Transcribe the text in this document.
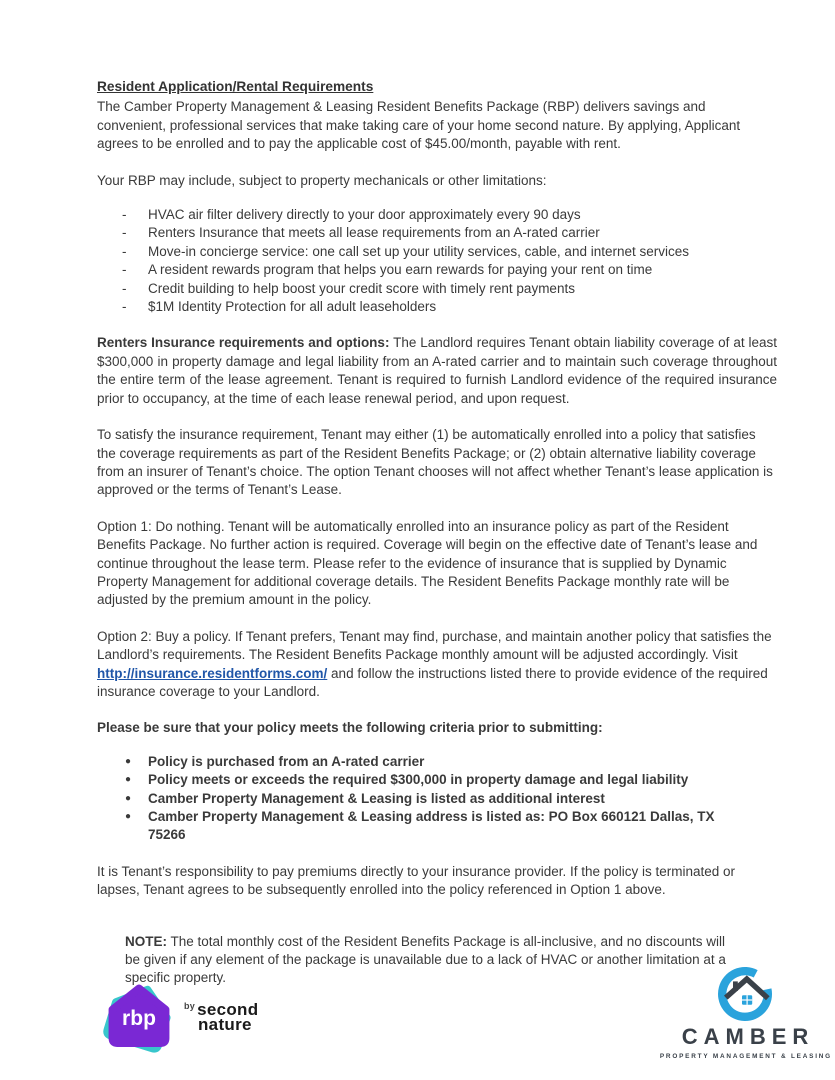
Resident Application/Rental Requirements

The Camber Property Management & Leasing Resident Benefits Package (RBP) delivers savings and convenient, professional services that make taking care of your home second nature. By applying, Applicant agrees to be enrolled and to pay the applicable cost of $45.00/month, payable with rent.

Your RBP may include, subject to property mechanicals or other limitations:

-	HVAC air filter delivery directly to your door approximately every 90 days
-	Renters Insurance that meets all lease requirements from an A-rated carrier
-	Move-in concierge service: one call set up your utility services, cable, and internet services
-	A resident rewards program that helps you earn rewards for paying your rent on time
-	Credit building to help boost your credit score with timely rent payments
-	$1M Identity Protection for all adult leaseholders

Renters Insurance requirements and options: The Landlord requires Tenant obtain liability coverage of at least $300,000 in property damage and legal liability from an A-rated carrier and to maintain such coverage throughout the entire term of the lease agreement. Tenant is required to furnish Landlord evidence of the required insurance prior to occupancy, at the time of each lease renewal period, and upon request.

To satisfy the insurance requirement, Tenant may either (1) be automatically enrolled into a policy that satisfies the coverage requirements as part of the Resident Benefits Package; or (2) obtain alternative liability coverage from an insurer of Tenant’s choice. The option Tenant chooses will not affect whether Tenant’s lease application is approved or the terms of Tenant’s Lease.

Option 1: Do nothing. Tenant will be automatically enrolled into an insurance policy as part of the Resident Benefits Package. No further action is required. Coverage will begin on the effective date of Tenant’s lease and continue throughout the lease term. Please refer to the evidence of insurance that is supplied by Dynamic Property Management for additional coverage details. The Resident Benefits Package monthly rate will be adjusted by the premium amount in the policy.

Option 2: Buy a policy. If Tenant prefers, Tenant may find, purchase, and maintain another policy that satisfies the Landlord’s requirements. The Resident Benefits Package monthly amount will be adjusted accordingly. Visit http://insurance.residentforms.com/ and follow the instructions listed there to provide evidence of the required insurance coverage to your Landlord.

Please be sure that your policy meets the following criteria prior to submitting:

●	Policy is purchased from an A-rated carrier
●	Policy meets or exceeds the required $300,000 in property damage and legal liability
●	Camber Property Management & Leasing is listed as additional interest
●	Camber Property Management & Leasing address is listed as: PO Box 660121 Dallas, TX 75266

It is Tenant’s responsibility to pay premiums directly to your insurance provider. If the policy is terminated or lapses, Tenant agrees to be subsequently enrolled into the policy referenced in Option 1 above.

NOTE: The total monthly cost of the Resident Benefits Package is all-inclusive, and no discounts will be given if any element of the package is unavailable due to a lack of HVAC or another limitation at a specific property.

rbp
$^{by}$ second
nature	CAMBER
PROPERTY MANAGEMENT & LEASING
